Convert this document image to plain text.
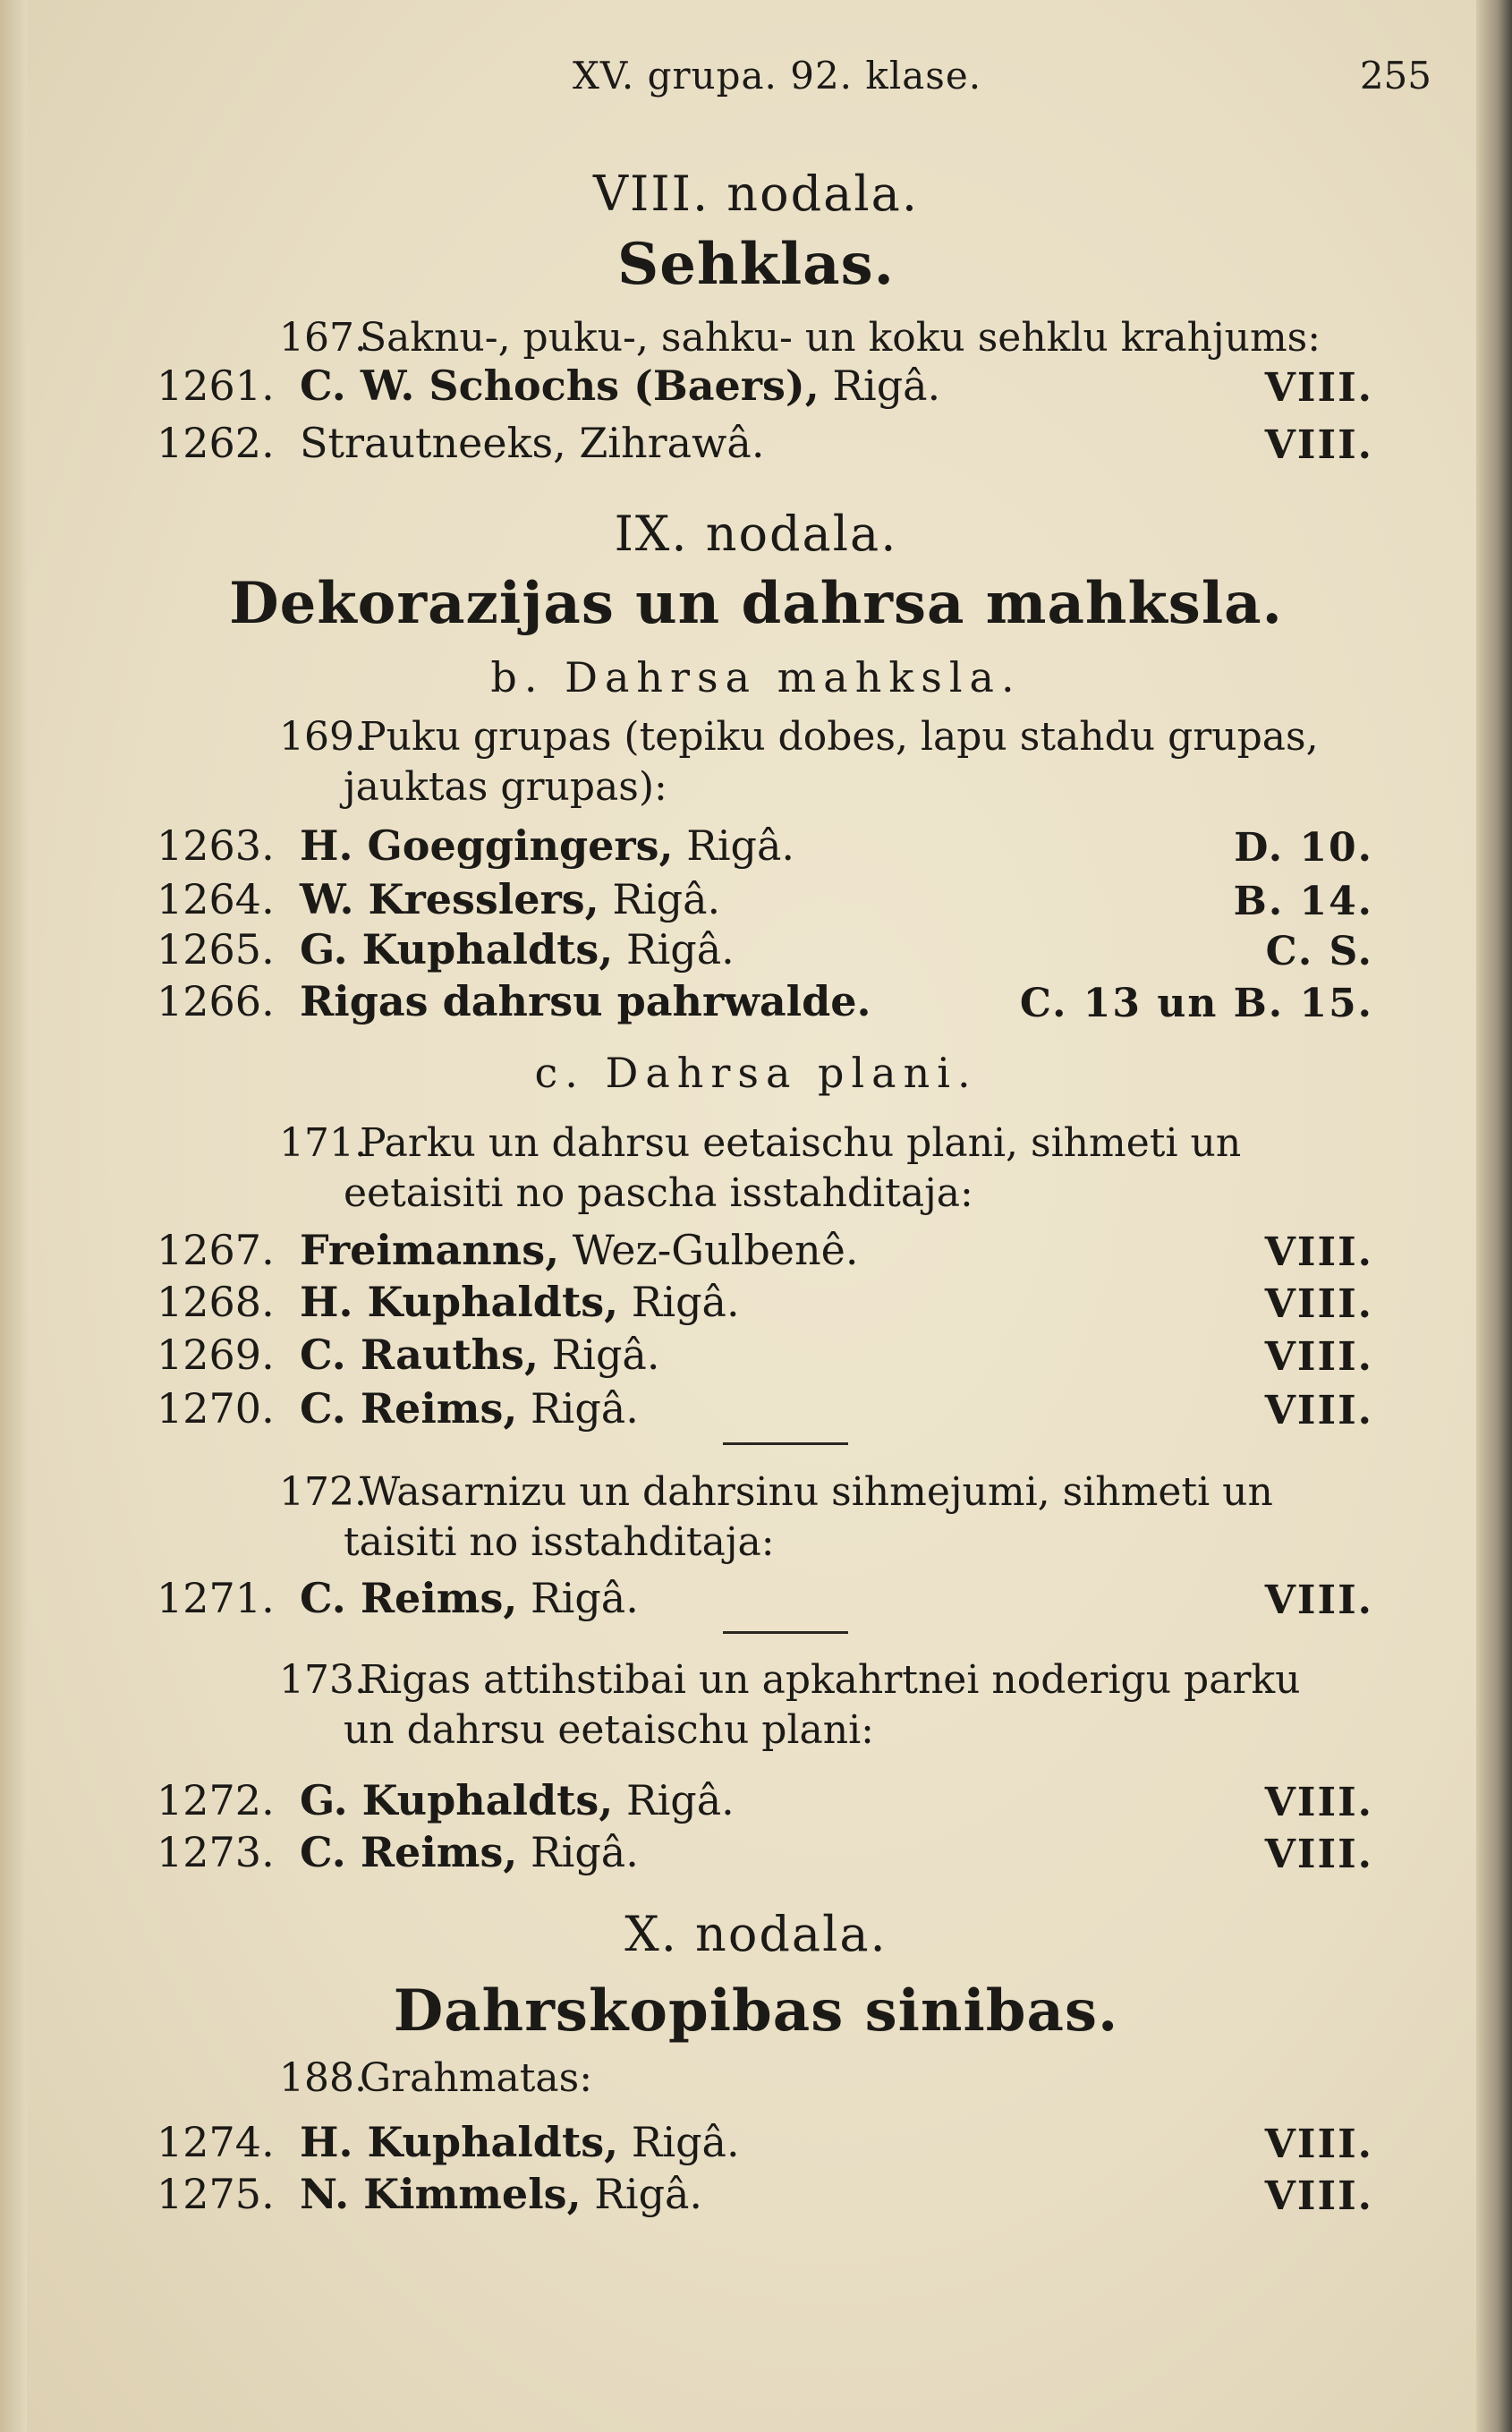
XV. grupa. 92. klase.	255
VIII. nodala.
Sehklas.
167.Saknu-, puku-, sahku- un koku sehklu krahjums:
1261. C. W. Schochs (Baers), Rigâ.	VIII.
1262. Strautneeks, Zihrawâ.	VIII.
IX. nodala.
Dekorazijas un dahrsa mahksla.
b. Dahrsa mahksla.
169.Puku grupas (tepiku dobes, lapu stahdu grupas,
jauktas grupas):
1263. H. Goeggingers, Rigâ.	D. 10.
1264. W. Kresslers, Rigâ.	B. 14.
1265. G. Kuphaldts, Rigâ.	C. S.
1266. Rigas dahrsu pahrwalde.	C. 13 un B. 15.
c. Dahrsa plani.
171.Parku un dahrsu eetaischu plani, sihmeti un
eetaisiti no pascha isstahditaja:
1267. Freimanns, Wez-Gulbenê.	VIII.
1268. H. Kuphaldts, Rigâ.	VIII.
1269. C. Rauths, Rigâ.	VIII.
1270. C. Reims, Rigâ.	VIII.
172.Wasarnizu un dahrsinu sihmejumi, sihmeti un
taisiti no isstahditaja:
1271. C. Reims, Rigâ.	VIII.
173.Rigas attihstibai un apkahrtnei noderigu parku
un dahrsu eetaischu plani:
1272. G. Kuphaldts, Rigâ.	VIII.
1273. C. Reims, Rigâ.	VIII.
X. nodala.
Dahrskopibas sinibas.
188.Grahmatas:
1274. H. Kuphaldts, Rigâ.	VIII.
1275. N. Kimmels, Rigâ.	VIII.
